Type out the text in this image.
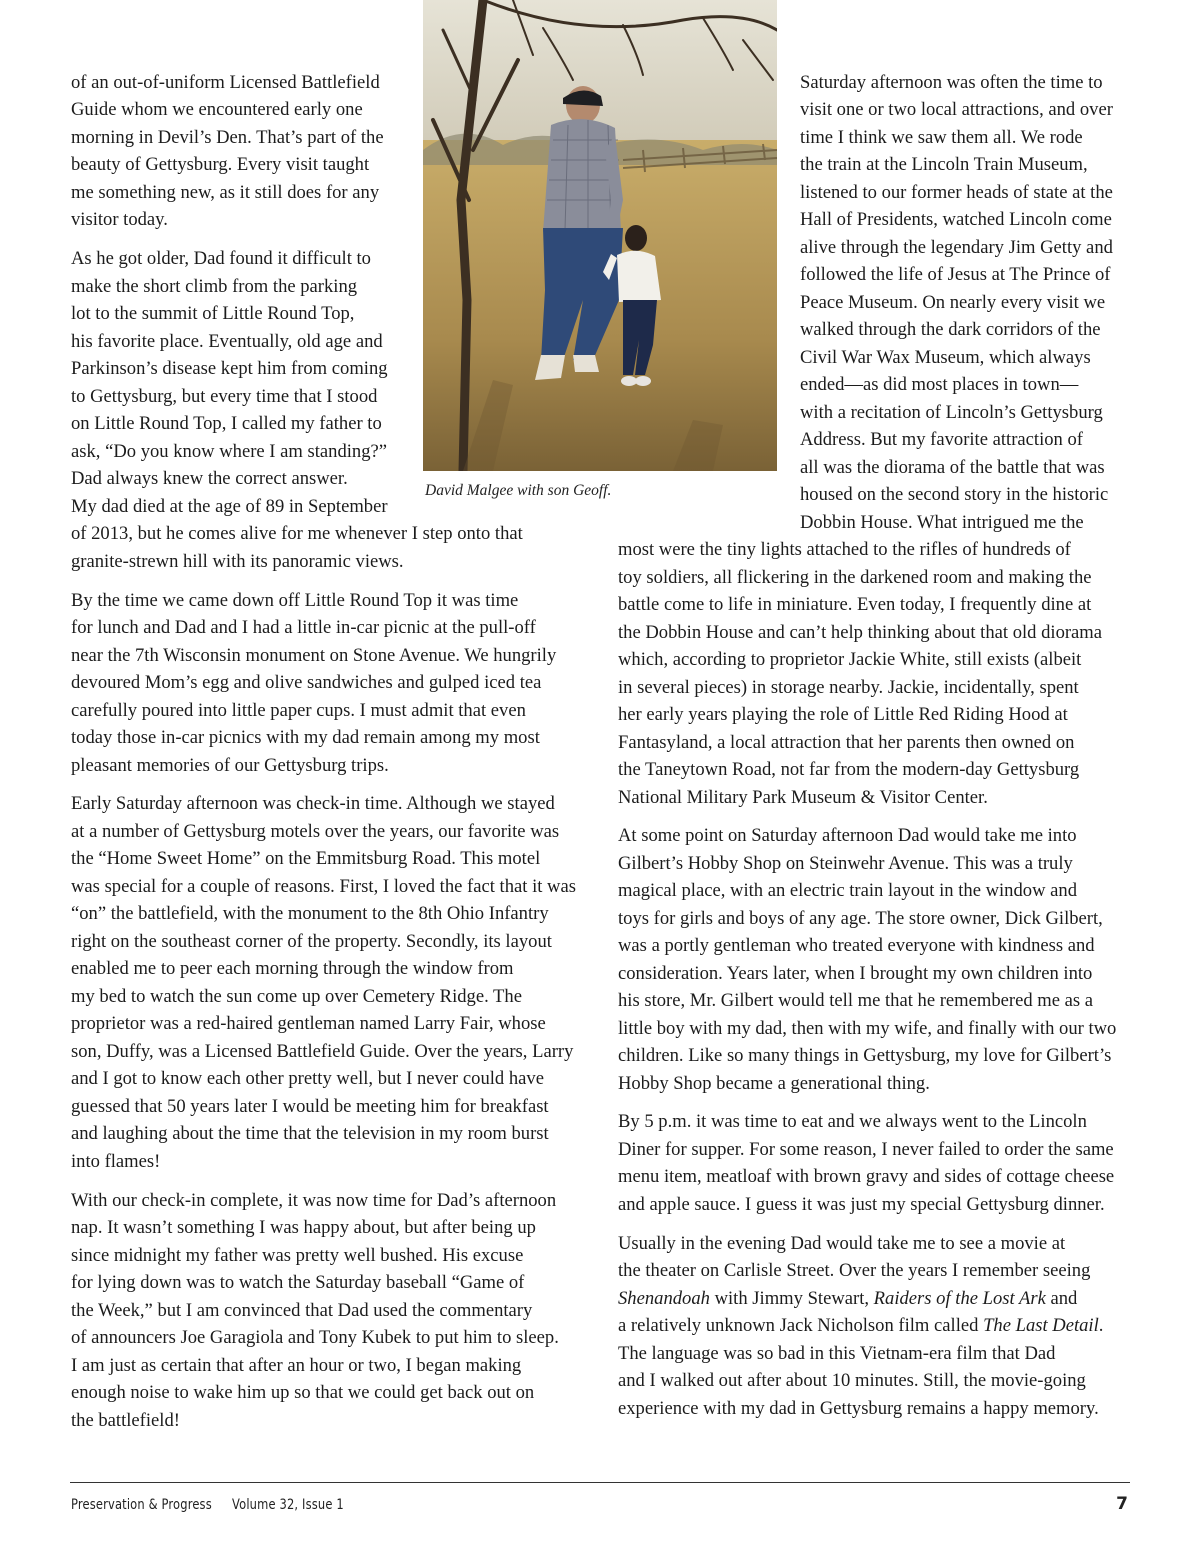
of an out-of-uniform Licensed Battlefield
Guide whom we encountered early one
morning in Devil’s Den. That’s part of the
beauty of Gettysburg. Every visit taught
me something new, as it still does for any
visitor today.
As he got older, Dad found it difficult to
make the short climb from the parking
lot to the summit of Little Round Top,
his favorite place. Eventually, old age and
Parkinson’s disease kept him from coming
to Gettysburg, but every time that I stood
on Little Round Top, I called my father to
ask, “Do you know where I am standing?”
Dad always knew the correct answer.
My dad died at the age of 89 in September
of 2013, but he comes alive for me whenever I step onto that
granite-strewn hill with its panoramic views.
By the time we came down off Little Round Top it was time
for lunch and Dad and I had a little in-car picnic at the pull-off
near the 7th Wisconsin monument on Stone Avenue. We hungrily
devoured Mom’s egg and olive sandwiches and gulped iced tea
carefully poured into little paper cups. I must admit that even
today those in-car picnics with my dad remain among my most
pleasant memories of our Gettysburg trips.
Early Saturday afternoon was check-in time. Although we stayed
at a number of Gettysburg motels over the years, our favorite was
the “Home Sweet Home” on the Emmitsburg Road. This motel
was special for a couple of reasons. First, I loved the fact that it was
“on” the battlefield, with the monument to the 8th Ohio Infantry
right on the southeast corner of the property. Secondly, its layout
enabled me to peer each morning through the window from
my bed to watch the sun come up over Cemetery Ridge. The
proprietor was a red-haired gentleman named Larry Fair, whose
son, Duffy, was a Licensed Battlefield Guide. Over the years, Larry
and I got to know each other pretty well, but I never could have
guessed that 50 years later I would be meeting him for breakfast
and laughing about the time that the television in my room burst
into flames!
With our check-in complete, it was now time for Dad’s afternoon
nap. It wasn’t something I was happy about, but after being up
since midnight my father was pretty well bushed. His excuse
for lying down was to watch the Saturday baseball “Game of
the Week,” but I am convinced that Dad used the commentary
of announcers Joe Garagiola and Tony Kubek to put him to sleep.
I am just as certain that after an hour or two, I began making
enough noise to wake him up so that we could get back out on
the battlefield!
Saturday afternoon was often the time to
visit one or two local attractions, and over
time I think we saw them all. We rode
the train at the Lincoln Train Museum,
listened to our former heads of state at the
Hall of Presidents, watched Lincoln come
alive through the legendary Jim Getty and
followed the life of Jesus at The Prince of
Peace Museum. On nearly every visit we
walked through the dark corridors of the
Civil War Wax Museum, which always
ended—as did most places in town—
with a recitation of Lincoln’s Gettysburg
Address. But my favorite attraction of
all was the diorama of the battle that was
housed on the second story in the historic
Dobbin House. What intrigued me the
most were the tiny lights attached to the rifles of hundreds of
toy soldiers, all flickering in the darkened room and making the
battle come to life in miniature. Even today, I frequently dine at
the Dobbin House and can’t help thinking about that old diorama
which, according to proprietor Jackie White, still exists (albeit
in several pieces) in storage nearby. Jackie, incidentally, spent
her early years playing the role of Little Red Riding Hood at
Fantasyland, a local attraction that her parents then owned on
the Taneytown Road, not far from the modern-day Gettysburg
National Military Park Museum & Visitor Center.
At some point on Saturday afternoon Dad would take me into
Gilbert’s Hobby Shop on Steinwehr Avenue. This was a truly
magical place, with an electric train layout in the window and
toys for girls and boys of any age. The store owner, Dick Gilbert,
was a portly gentleman who treated everyone with kindness and
consideration. Years later, when I brought my own children into
his store, Mr. Gilbert would tell me that he remembered me as a
little boy with my dad, then with my wife, and finally with our two
children. Like so many things in Gettysburg, my love for Gilbert’s
Hobby Shop became a generational thing.
By 5 p.m. it was time to eat and we always went to the Lincoln
Diner for supper. For some reason, I never failed to order the same
menu item, meatloaf with brown gravy and sides of cottage cheese
and apple sauce. I guess it was just my special Gettysburg dinner.
Usually in the evening Dad would take me to see a movie at
the theater on Carlisle Street. Over the years I remember seeing
Shenandoah with Jimmy Stewart, Raiders of the Lost Ark and
a relatively unknown Jack Nicholson film called The Last Detail.
The language was so bad in this Vietnam-era film that Dad
and I walked out after about 10 minutes. Still, the movie-going
experience with my dad in Gettysburg remains a happy memory.
David Malgee with son Geoff.
Preservation & Progress Volume 32, Issue 1	7
